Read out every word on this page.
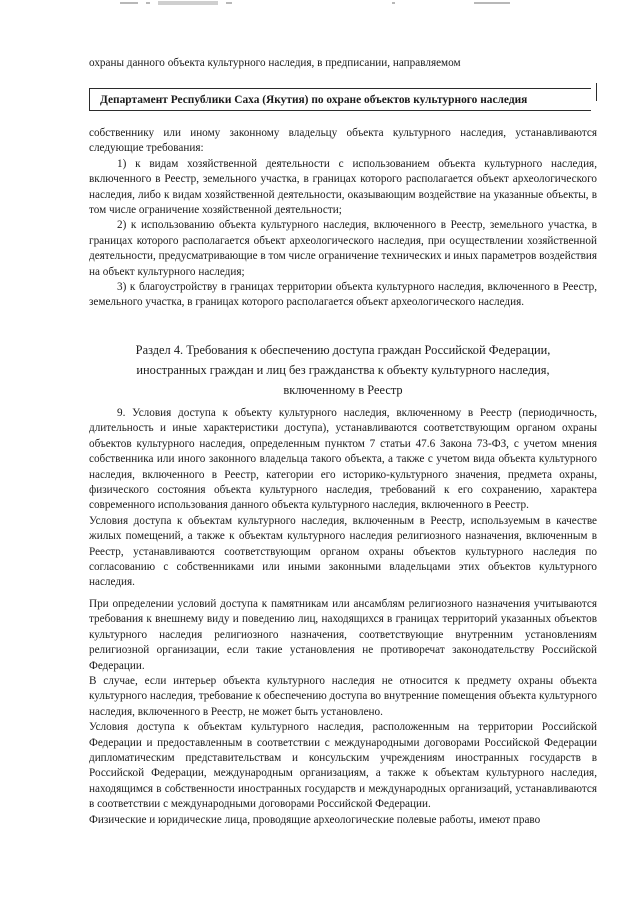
охраны данного объекта культурного наследия, в предписании, направляемом

Департамент Республики Саха (Якутия) по охране объектов культурного наследия

собственнику или иному законному владельцу объекта культурного наследия, устанавливаются следующие требования:

1) к видам хозяйственной деятельности с использованием объекта культурного наследия, включенного в Реестр, земельного участка, в границах которого располагается объект археологического наследия, либо к видам хозяйственной деятельности, оказывающим воздействие на указанные объекты, в том числе ограничение хозяйственной деятельности;

2) к использованию объекта культурного наследия, включенного в Реестр, земельного участка, в границах которого располагается объект археологического наследия, при осуществлении хозяйственной деятельности, предусматривающие в том числе ограничение технических и иных параметров воздействия на объект культурного наследия;

3) к благоустройству в границах территории объекта культурного наследия, включенного в Реестр, земельного участка, в границах которого располагается объект археологического наследия.

Раздел 4. Требования к обеспечению доступа граждан Российской Федерации,
иностранных граждан и лиц без гражданства к объекту культурного наследия,
включенному в Реестр

9. Условия доступа к объекту культурного наследия, включенному в Реестр (периодичность, длительность и иные характеристики доступа), устанавливаются соответствующим органом охраны объектов культурного наследия, определенным пунктом 7 статьи 47.6 Закона 73-ФЗ, с учетом мнения собственника или иного законного владельца такого объекта, а также с учетом вида объекта культурного наследия, включенного в Реестр, категории его историко-культурного значения, предмета охраны, физического состояния объекта культурного наследия, требований к его сохранению, характера современного использования данного объекта культурного наследия, включенного в Реестр.

Условия доступа к объектам культурного наследия, включенным в Реестр, используемым в качестве жилых помещений, а также к объектам культурного наследия религиозного назначения, включенным в Реестр, устанавливаются соответствующим органом охраны объектов культурного наследия по согласованию с собственниками или иными законными владельцами этих объектов культурного наследия.

При определении условий доступа к памятникам или ансамблям религиозного назначения учитываются требования к внешнему виду и поведению лиц, находящихся в границах территорий указанных объектов культурного наследия религиозного назначения, соответствующие внутренним установлениям религиозной организации, если такие установления не противоречат законодательству Российской Федерации.

В случае, если интерьер объекта культурного наследия не относится к предмету охраны объекта культурного наследия, требование к обеспечению доступа во внутренние помещения объекта культурного наследия, включенного в Реестр, не может быть установлено.

Условия доступа к объектам культурного наследия, расположенным на территории Российской Федерации и предоставленным в соответствии с международными договорами Российской Федерации дипломатическим представительствам и консульским учреждениям иностранных государств в Российской Федерации, международным организациям, а также к объектам культурного наследия, находящимся в собственности иностранных государств и международных организаций, устанавливаются в соответствии с международными договорами Российской Федерации.

Физические и юридические лица, проводящие археологические полевые работы, имеют право
